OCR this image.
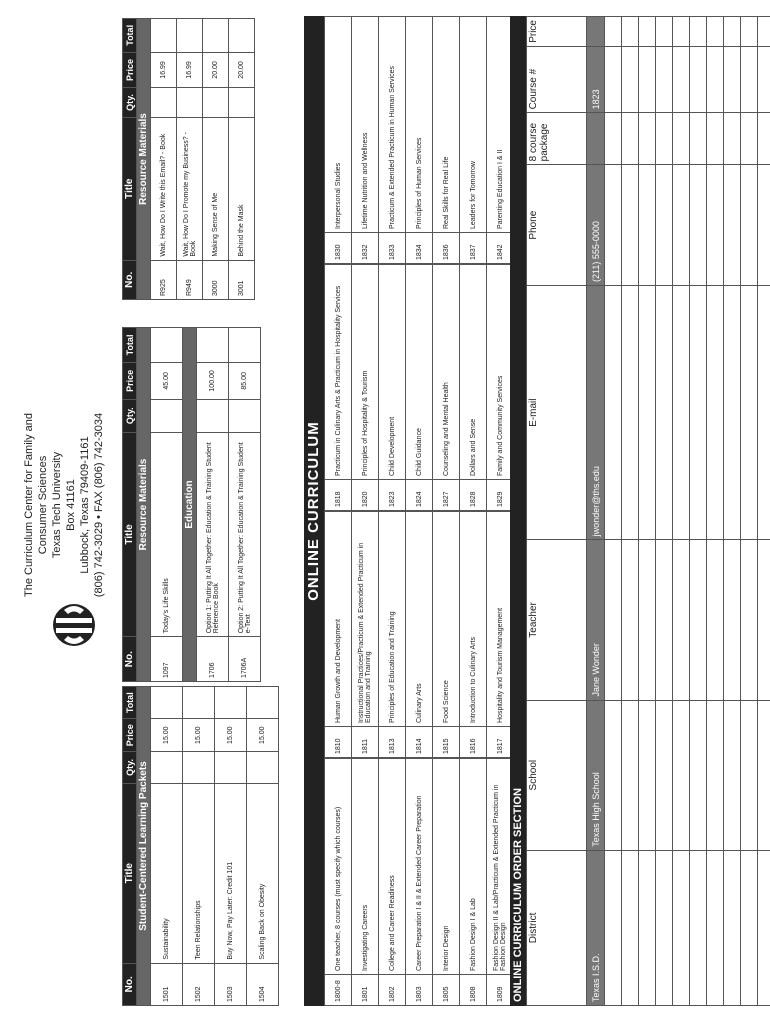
The Curriculum Center for Family and Consumer Sciences Texas Tech University Box 41161 Lubbock, Texas 79409-1161 (806) 742-3029 • FAX (806) 742-3034
No.	Title	Qty.	Price	Total
Student-Centered Learning Packets				
1501	Sustainability		15.00	
1502	Teen Relationships		15.00	
1503	Buy Now, Pay Later: Credit 101		15.00	
1504	Scaling Back on Obesity		15.00	
No.	Title	Qty.	Price	Total
Resource Materials				
1097	Today's Life Skills		45.00	
Education				
1706	Option 1: Putting It All Together: Education & Training Student Reference Book		100.00	
1706A	Option 2: Putting It All Together: Education & Training Student e-Text		85.00	
No.	Title	Qty.	Price	Total
Resource Materials				
R925	Wait, How Do I Write this Email? - Book		16.99	
R949	Wait, How Do I Promote my Business? - Book		16.99	
3000	Making Sense of Me		20.00	
3001	Behind the Mask		20.00	
ONLINE CURRICULUM
1800-8	One teacher, 8 courses (must specify which courses)
1801	Investigating Careers
1802	College and Career Readiness
1803	Career Preparation I & II & Extended Career Preparation
1805	Interior Design
1808	Fashion Design I & Lab
1809	Fashion Design II & Lab/Practicum & Extended Practicum in Fashion Design
1810	Human Growth and Development
1811	Instructional Practices/Practicum & Extended Practicum in Education and Training
1813	Principles of Education and Training
1814	Culinary Arts
1815	Food Science
1816	Introduction to Culinary Arts
1817	Hospitality and Tourism Management
1818	Practicum in Culinary Arts & Practicum in Hospitality Services
1820	Principles of Hospitality & Tourism
1823	Child Development
1824	Child Guidance
1827	Counseling and Mental Health
1828	Dollars and Sense
1829	Family and Community Services
1830	Interpersonal Studies
1832	Lifetime Nutrition and Wellness
1833	Practicum & Extended Practicum in Human Services
1834	Principles of Human Services
1836	Real Skills for Real Life
1837	Leaders for Tomorrow
1842	Parenting Education I & II
ONLINE CURRICULUM ORDER SECTION District	School	Teacher	E-mail	Phone	8 course package	Course #	Price
Texas I.S.D.	Texas High School	Jane Wonder	jwonder@ths.edu	(211) 555-0000		1823	
